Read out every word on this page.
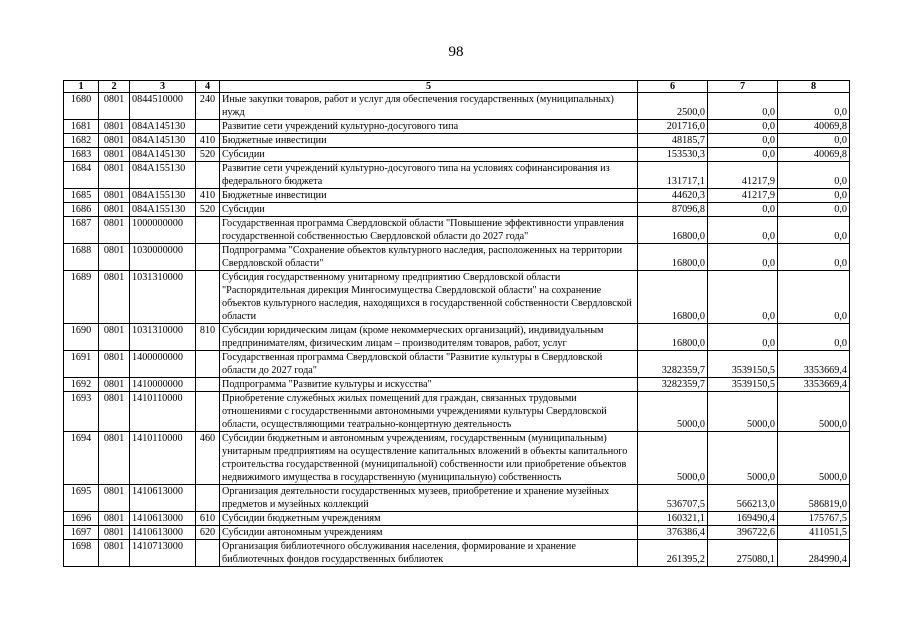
98
1	2	3	4	5	6	7	8
1680	0801	0844510000	240	Иные закупки товаров, работ и услуг для обеспечения государственных (муниципальных) нужд	2500,0	0,0	0,0
1681	0801	084А145130		Развитие сети учреждений культурно-досугового типа	201716,0	0,0	40069,8
1682	0801	084А145130	410	Бюджетные инвестиции	48185,7	0,0	0,0
1683	0801	084А145130	520	Субсидии	153530,3	0,0	40069,8
1684	0801	084А155130		Развитие сети учреждений культурно-досугового типа на условиях софинансирования из федерального бюджета	131717,1	41217,9	0,0
1685	0801	084А155130	410	Бюджетные инвестиции	44620,3	41217,9	0,0
1686	0801	084А155130	520	Субсидии	87096,8	0,0	0,0
1687	0801	1000000000		Государственная программа Свердловской области "Повышение эффективности управления государственной собственностью Свердловской области до 2027 года"	16800,0	0,0	0,0
1688	0801	1030000000		Подпрограмма "Сохранение объектов культурного наследия, расположенных на территории Свердловской области"	16800,0	0,0	0,0
1689	0801	1031310000		Субсидия государственному унитарному предприятию Свердловской области "Распорядительная дирекция Мингосимущества Свердловской области" на сохранение объектов культурного наследия, находящихся в государственной собственности Свердловской области	16800,0	0,0	0,0
1690	0801	1031310000	810	Субсидии юридическим лицам (кроме некоммерческих организаций), индивидуальным предпринимателям, физическим лицам – производителям товаров, работ, услуг	16800,0	0,0	0,0
1691	0801	1400000000		Государственная программа Свердловской области "Развитие культуры в Свердловской области до 2027 года"	3282359,7	3539150,5	3353669,4
1692	0801	1410000000		Подпрограмма "Развитие культуры и искусства"	3282359,7	3539150,5	3353669,4
1693	0801	1410110000		Приобретение служебных жилых помещений для граждан, связанных трудовыми отношениями с государственными автономными учреждениями культуры Свердловской области, осуществляющими театрально-концертную деятельность	5000,0	5000,0	5000,0
1694	0801	1410110000	460	Субсидии бюджетным и автономным учреждениям, государственным (муниципальным) унитарным предприятиям на осуществление капитальных вложений в объекты капитального строительства государственной (муниципальной) собственности или приобретение объектов недвижимого имущества в государственную (муниципальную) собственность	5000,0	5000,0	5000,0
1695	0801	1410613000		Организация деятельности государственных музеев, приобретение и хранение музейных предметов и музейных коллекций	536707,5	566213,0	586819,0
1696	0801	1410613000	610	Субсидии бюджетным учреждениям	160321,1	169490,4	175767,5
1697	0801	1410613000	620	Субсидии автономным учреждениям	376386,4	396722,6	411051,5
1698	0801	1410713000		Организация библиотечного обслуживания населения, формирование и хранение библиотечных фондов государственных библиотек	261395,2	275080,1	284990,4
